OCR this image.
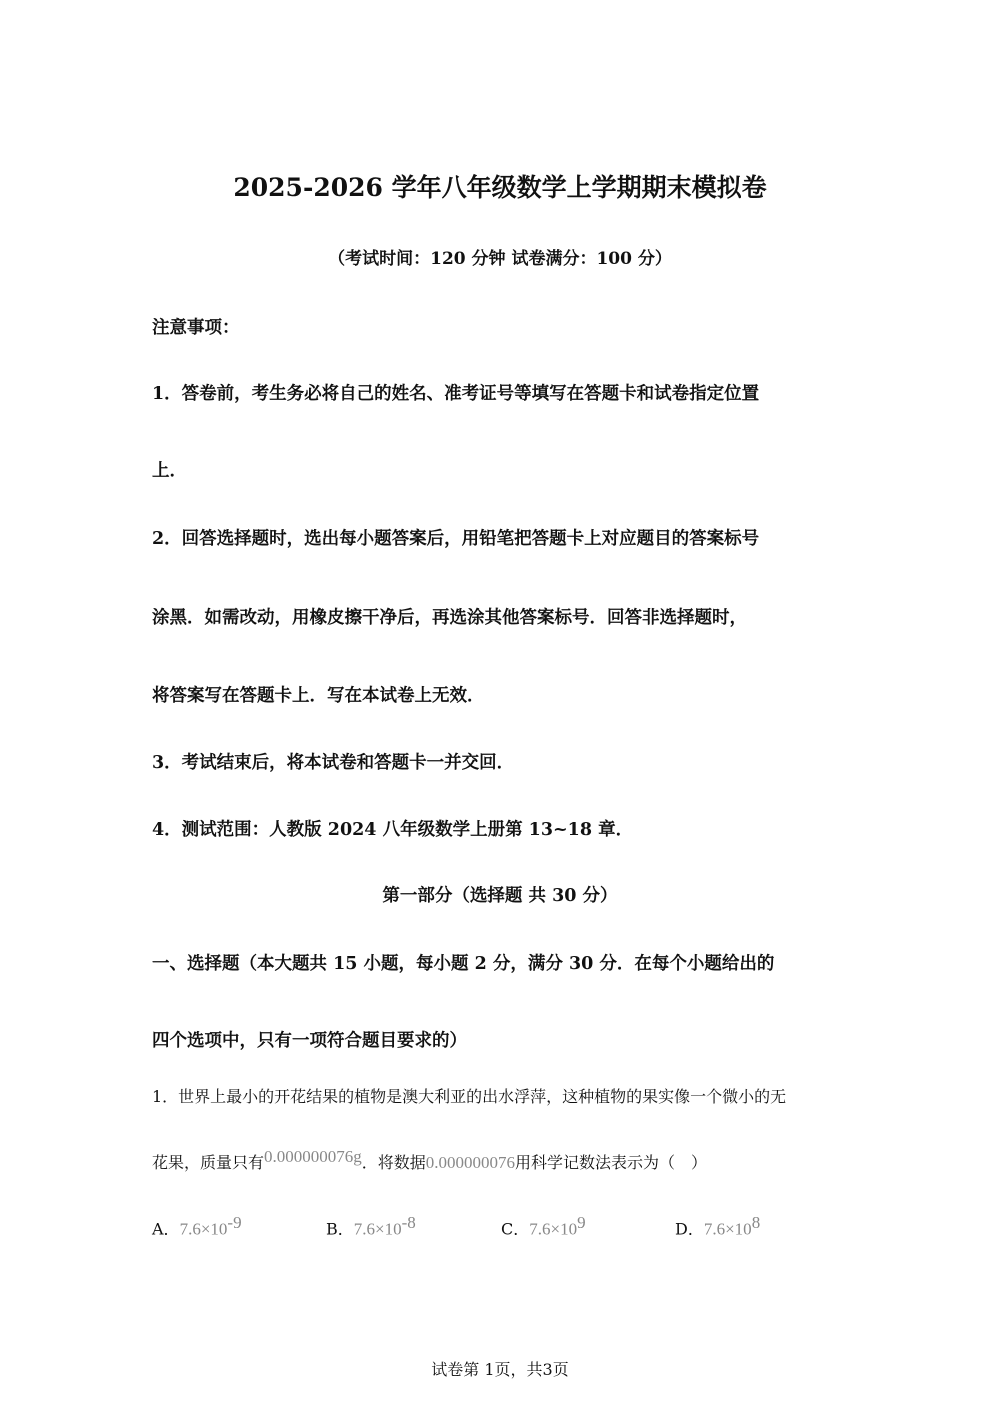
2025-2026 学年八年级数学上学期期末模拟卷
（考试时间：120 分钟 试卷满分：100 分）
注意事项：
1．答卷前，考生务必将自己的姓名、准考证号等填写在答题卡和试卷指定位置
上．
2．回答选择题时，选出每小题答案后，用铅笔把答题卡上对应题目的答案标号
涂黑．如需改动，用橡皮擦干净后，再选涂其他答案标号．回答非选择题时，
将答案写在答题卡上．写在本试卷上无效．
3．考试结束后，将本试卷和答题卡一并交回．
4．测试范围：人教版 2024 八年级数学上册第 13~18 章．
第一部分（选择题 共 30 分）
一、选择题（本大题共 15 小题，每小题 2 分，满分 30 分．在每个小题给出的
四个选项中，只有一项符合题目要求的）
1．世界上最小的开花结果的植物是澳大利亚的出水浮萍，这种植物的果实像一个微小的无
花果，质量只有0.000000076g．将数据0.000000076用科学记数法表示为（　）
A．$7.6\times 10^{-9}$	B．$7.6\times 10^{-8}$	C．$7.6\times 10^9$	D．$7.6\times 10^8$
试卷第 1页，共3页
